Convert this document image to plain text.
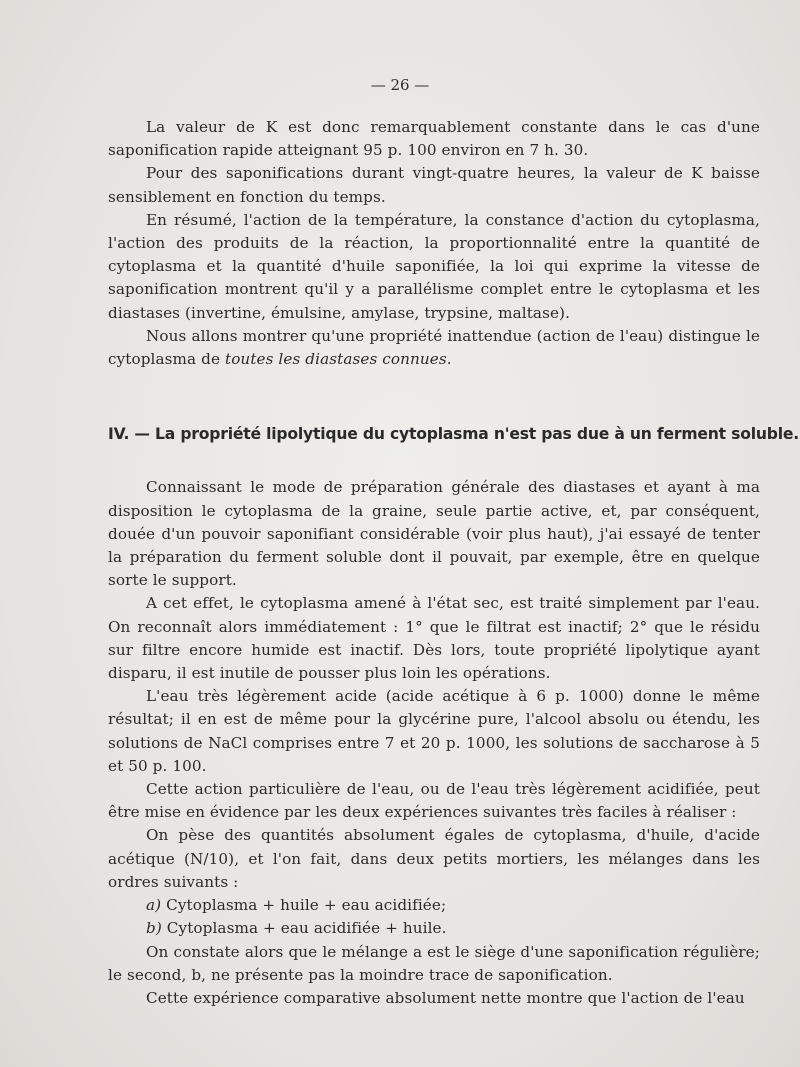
— 26 —

La valeur de K est donc remarquablement constante dans le cas d'une saponification rapide atteignant 95 p. 100 environ en 7 h. 30.

Pour des saponifications durant vingt-quatre heures, la valeur de K baisse sensiblement en fonction du temps.

En résumé, l'action de la température, la constance d'action du cytoplasma, l'action des produits de la réaction, la proportionnalité entre la quantité de cytoplasma et la quantité d'huile saponifiée, la loi qui exprime la vitesse de saponification montrent qu'il y a parallélisme complet entre le cytoplasma et les diastases (invertine, émulsine, amylase, trypsine, maltase).

Nous allons montrer qu'une propriété inattendue (action de l'eau) distingue le cytoplasma de toutes les diastases connues.

IV. — La propriété lipolytique du cytoplasma n'est pas due à un ferment soluble.

Connaissant le mode de préparation générale des diastases et ayant à ma disposition le cytoplasma de la graine, seule partie active, et, par conséquent, douée d'un pouvoir saponifiant considérable (voir plus haut), j'ai essayé de tenter la préparation du ferment soluble dont il pouvait, par exemple, être en quelque sorte le support.

A cet effet, le cytoplasma amené à l'état sec, est traité simplement par l'eau. On reconnaît alors immédiatement : 1° que le filtrat est inactif; 2° que le résidu sur filtre encore humide est inactif. Dès lors, toute propriété lipolytique ayant disparu, il est inutile de pousser plus loin les opérations.

L'eau très légèrement acide (acide acétique à 6 p. 1000) donne le même résultat; il en est de même pour la glycérine pure, l'alcool absolu ou étendu, les solutions de NaCl comprises entre 7 et 20 p. 1000, les solutions de saccharose à 5 et 50 p. 100.

Cette action particulière de l'eau, ou de l'eau très légèrement acidifiée, peut être mise en évidence par les deux expériences suivantes très faciles à réaliser :

On pèse des quantités absolument égales de cytoplasma, d'huile, d'acide acétique (N/10), et l'on fait, dans deux petits mortiers, les mélanges dans les ordres suivants :

a) Cytoplasma + huile + eau acidifiée;

b) Cytoplasma + eau acidifiée + huile.

On constate alors que le mélange a est le siège d'une saponification régulière; le second, b, ne présente pas la moindre trace de saponification.

Cette expérience comparative absolument nette montre que l'action de l'eau
